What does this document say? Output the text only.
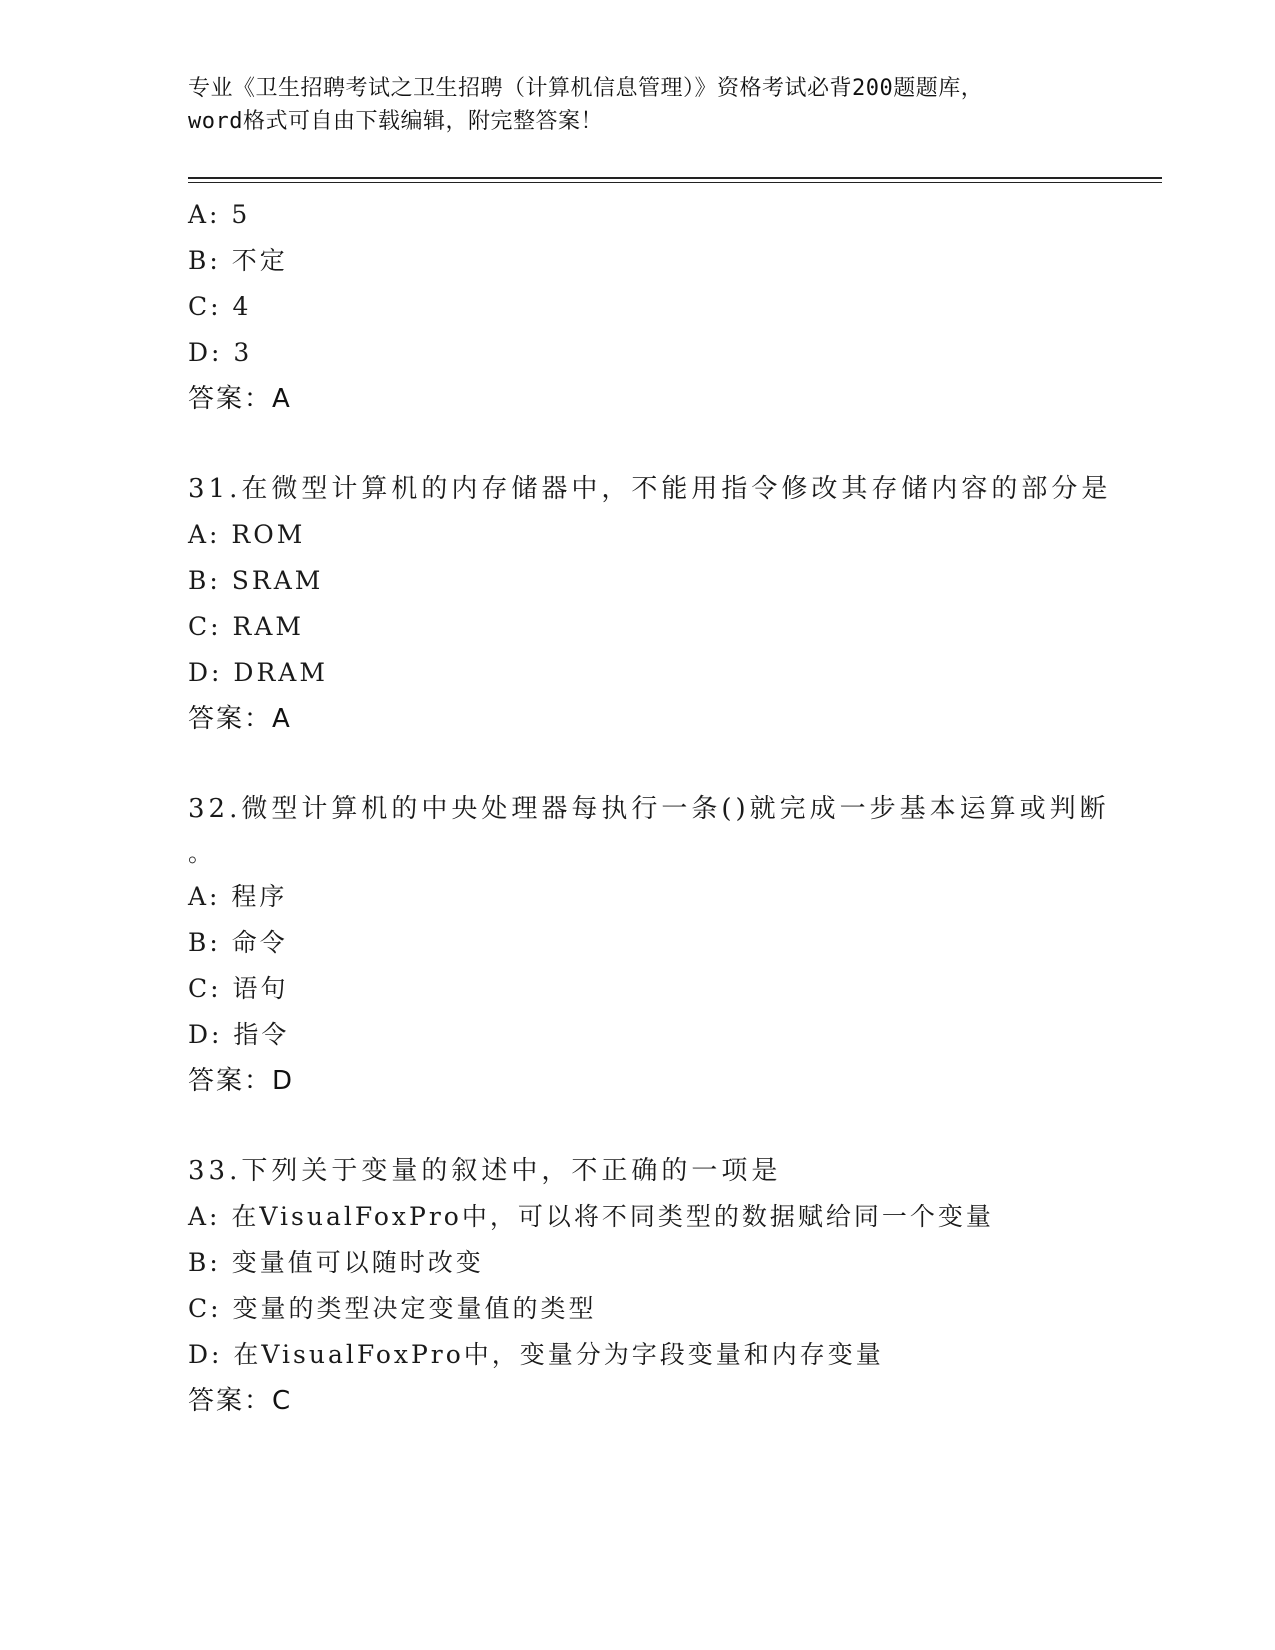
专业《卫生招聘考试之卫生招聘（计算机信息管理）》资格考试必背200题题库，
word格式可自由下载编辑，附完整答案！
A: 5
B: 不定
C: 4
D: 3
答案：A
31.在微型计算机的内存储器中，不能用指令修改其存储内容的部分是
A: ROM
B: SRAM
C: RAM
D: DRAM
答案：A
32.微型计算机的中央处理器每执行一条()就完成一步基本运算或判断
。
A: 程序
B: 命令
C: 语句
D: 指令
答案：D
33.下列关于变量的叙述中，不正确的一项是
A: 在VisualFoxPro中，可以将不同类型的数据赋给同一个变量
B: 变量值可以随时改变
C: 变量的类型决定变量值的类型
D: 在VisualFoxPro中，变量分为字段变量和内存变量
答案：C
